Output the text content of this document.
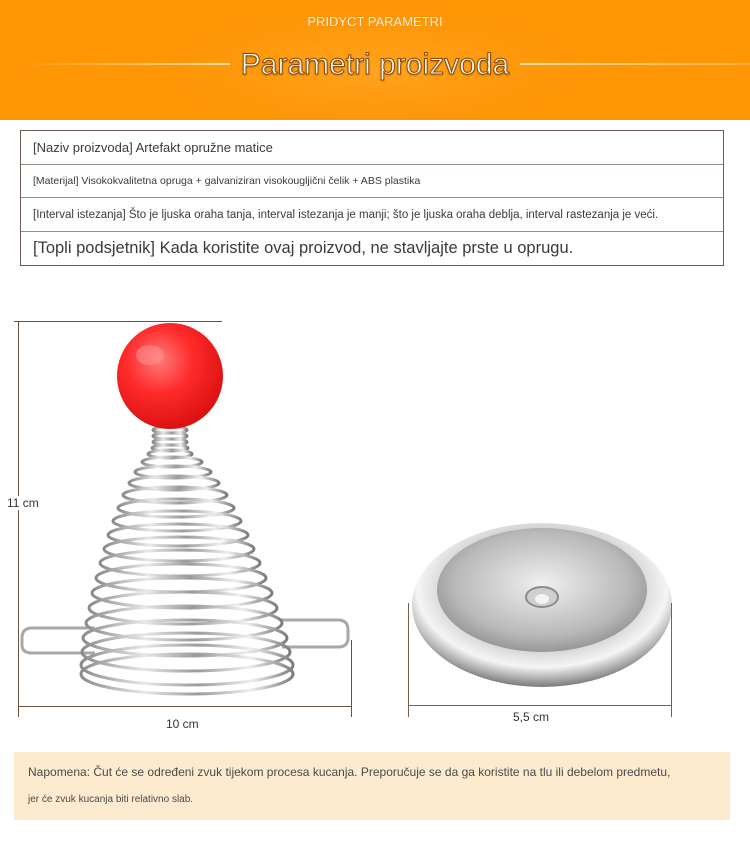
PRIDYCT PARAMETRI
Parametri proizvoda
[Naziv proizvoda] Artefakt opružne matice
[Materijal] Visokokvalitetna opruga + galvaniziran visokougljični čelik + ABS plastika
[Interval istezanja] Što je ljuska oraha tanja, interval istezanja je manji; što je ljuska oraha deblja, interval rastezanja je veći.
[Topli podsjetnik] Kada koristite ovaj proizvod, ne stavljajte prste u oprugu.
11 cm
10 cm	5,5 cm
Napomena: Čut će se određeni zvuk tijekom procesa kucanja. Preporučuje se da ga koristite na tlu ili debelom predmetu,
jer će zvuk kucanja biti relativno slab.
